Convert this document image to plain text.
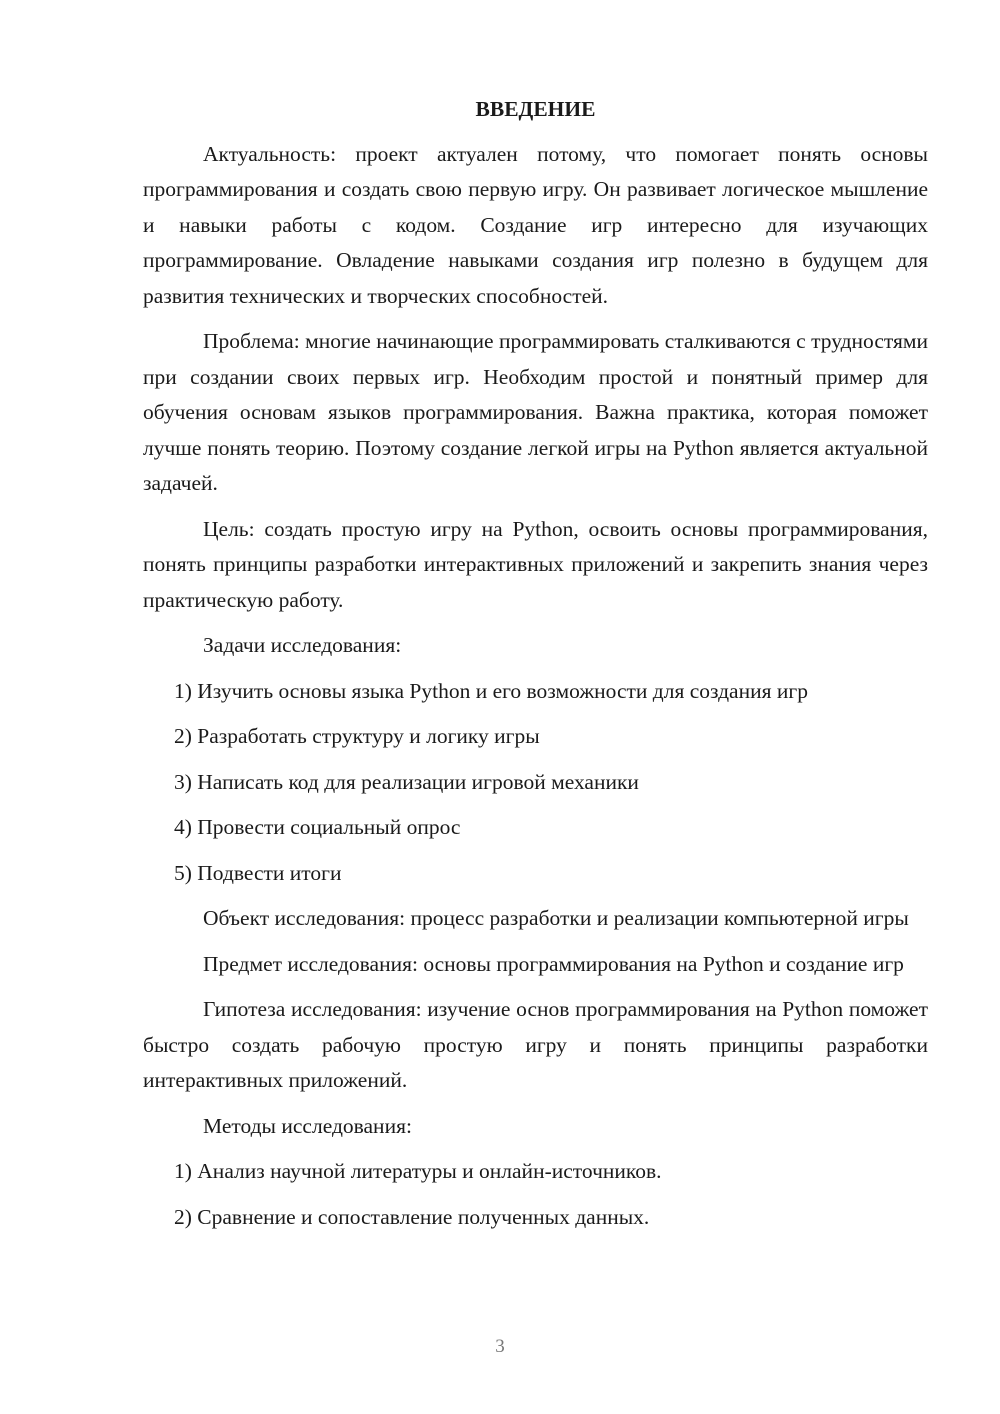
ВВЕДЕНИЕ

Актуальность: проект актуален потому, что помогает понять основы программирования и создать свою первую игру. Он развивает логическое мышление и навыки работы с кодом. Создание игр интересно для изучающих программирование. Овладение навыками создания игр полезно в будущем для развития технических и творческих способностей.

Проблема: многие начинающие программировать сталкиваются с трудностями при создании своих первых игр. Необходим простой и понятный пример для обучения основам языков программирования. Важна практика, которая поможет лучше понять теорию. Поэтому создание легкой игры на Python является актуальной задачей.

Цель: создать простую игру на Python, освоить основы программирования, понять принципы разработки интерактивных приложений и закрепить знания через практическую работу.

Задачи исследования:

1) Изучить основы языка Python и его возможности для создания игр
2) Разработать структуру и логику игры
3) Написать код для реализации игровой механики
4) Провести социальный опрос
5) Подвести итоги

Объект исследования: процесс разработки и реализации компьютерной игры

Предмет исследования: основы программирования на Python и создание игр

Гипотеза исследования: изучение основ программирования на Python поможет быстро создать рабочую простую игру и понять принципы разработки интерактивных приложений.

Методы исследования:

1) Анализ научной литературы и онлайн-источников.
2) Сравнение и сопоставление полученных данных.
3
